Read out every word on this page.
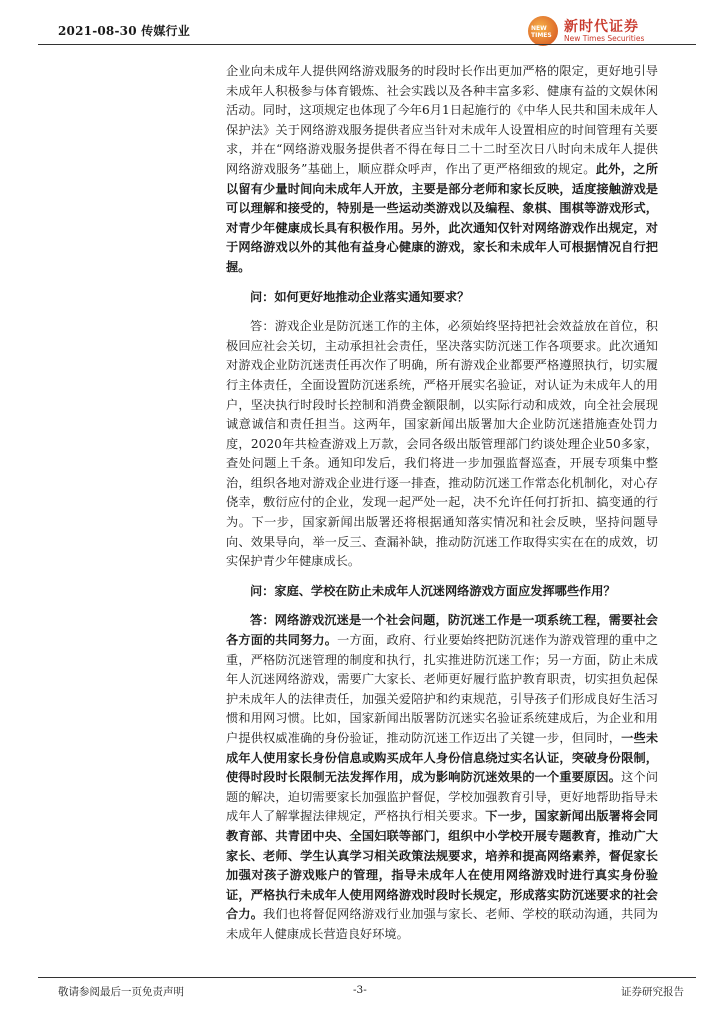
2021-08-30 传媒行业	NEW TIMES
新时代证券
New Times Securities

企业向未成年人提供网络游戏服务的时段时长作出更加严格的限定，更好地引导未成年人积极参与体育锻炼、社会实践以及各种丰富多彩、健康有益的文娱休闲活动。同时，这项规定也体现了今年6月1日起施行的《中华人民共和国未成年人保护法》关于网络游戏服务提供者应当针对未成年人设置相应的时间管理有关要求，并在“网络游戏服务提供者不得在每日二十二时至次日八时向未成年人提供网络游戏服务”基础上，顺应群众呼声，作出了更严格细致的规定。此外，之所以留有少量时间向未成年人开放，主要是部分老师和家长反映，适度接触游戏是可以理解和接受的，特别是一些运动类游戏以及编程、象棋、围棋等游戏形式，对青少年健康成长具有积极作用。另外，此次通知仅针对网络游戏作出规定，对于网络游戏以外的其他有益身心健康的游戏，家长和未成年人可根据情况自行把握。

问：如何更好地推动企业落实通知要求？

答：游戏企业是防沉迷工作的主体，必须始终坚持把社会效益放在首位，积极回应社会关切，主动承担社会责任，坚决落实防沉迷工作各项要求。此次通知对游戏企业防沉迷责任再次作了明确，所有游戏企业都要严格遵照执行，切实履行主体责任，全面设置防沉迷系统，严格开展实名验证，对认证为未成年人的用户，坚决执行时段时长控制和消费金额限制，以实际行动和成效，向全社会展现诚意诚信和责任担当。这两年，国家新闻出版署加大企业防沉迷措施查处罚力度，2020年共检查游戏上万款，会同各级出版管理部门约谈处理企业50多家，查处问题上千条。通知印发后，我们将进一步加强监督巡查，开展专项集中整治，组织各地对游戏企业进行逐一排查，推动防沉迷工作常态化机制化，对心存侥幸，敷衍应付的企业，发现一起严处一起，决不允许任何打折扣、搞变通的行为。下一步，国家新闻出版署还将根据通知落实情况和社会反映，坚持问题导向、效果导向，举一反三、查漏补缺，推动防沉迷工作取得实实在在的成效，切实保护青少年健康成长。

问：家庭、学校在防止未成年人沉迷网络游戏方面应发挥哪些作用？

答：网络游戏沉迷是一个社会问题，防沉迷工作是一项系统工程，需要社会各方面的共同努力。一方面，政府、行业要始终把防沉迷作为游戏管理的重中之重，严格防沉迷管理的制度和执行，扎实推进防沉迷工作；另一方面，防止未成年人沉迷网络游戏，需要广大家长、老师更好履行监护教育职责，切实担负起保护未成年人的法律责任，加强关爱陪护和约束规范，引导孩子们形成良好生活习惯和用网习惯。比如，国家新闻出版署防沉迷实名验证系统建成后，为企业和用户提供权威准确的身份验证，推动防沉迷工作迈出了关键一步，但同时，一些未成年人使用家长身份信息或购买成年人身份信息绕过实名认证，突破身份限制，使得时段时长限制无法发挥作用，成为影响防沉迷效果的一个重要原因。这个问题的解决，迫切需要家长加强监护督促，学校加强教育引导，更好地帮助指导未成年人了解掌握法律规定，严格执行相关要求。下一步，国家新闻出版署将会同教育部、共青团中央、全国妇联等部门，组织中小学校开展专题教育，推动广大家长、老师、学生认真学习相关政策法规要求，培养和提高网络素养，督促家长加强对孩子游戏账户的管理，指导未成年人在使用网络游戏时进行真实身份验证，严格执行未成年人使用网络游戏时段时长规定，形成落实防沉迷要求的社会合力。我们也将督促网络游戏行业加强与家长、老师、学校的联动沟通，共同为未成年人健康成长营造良好环境。

敬请参阅最后一页免责声明	-3-	证券研究报告
